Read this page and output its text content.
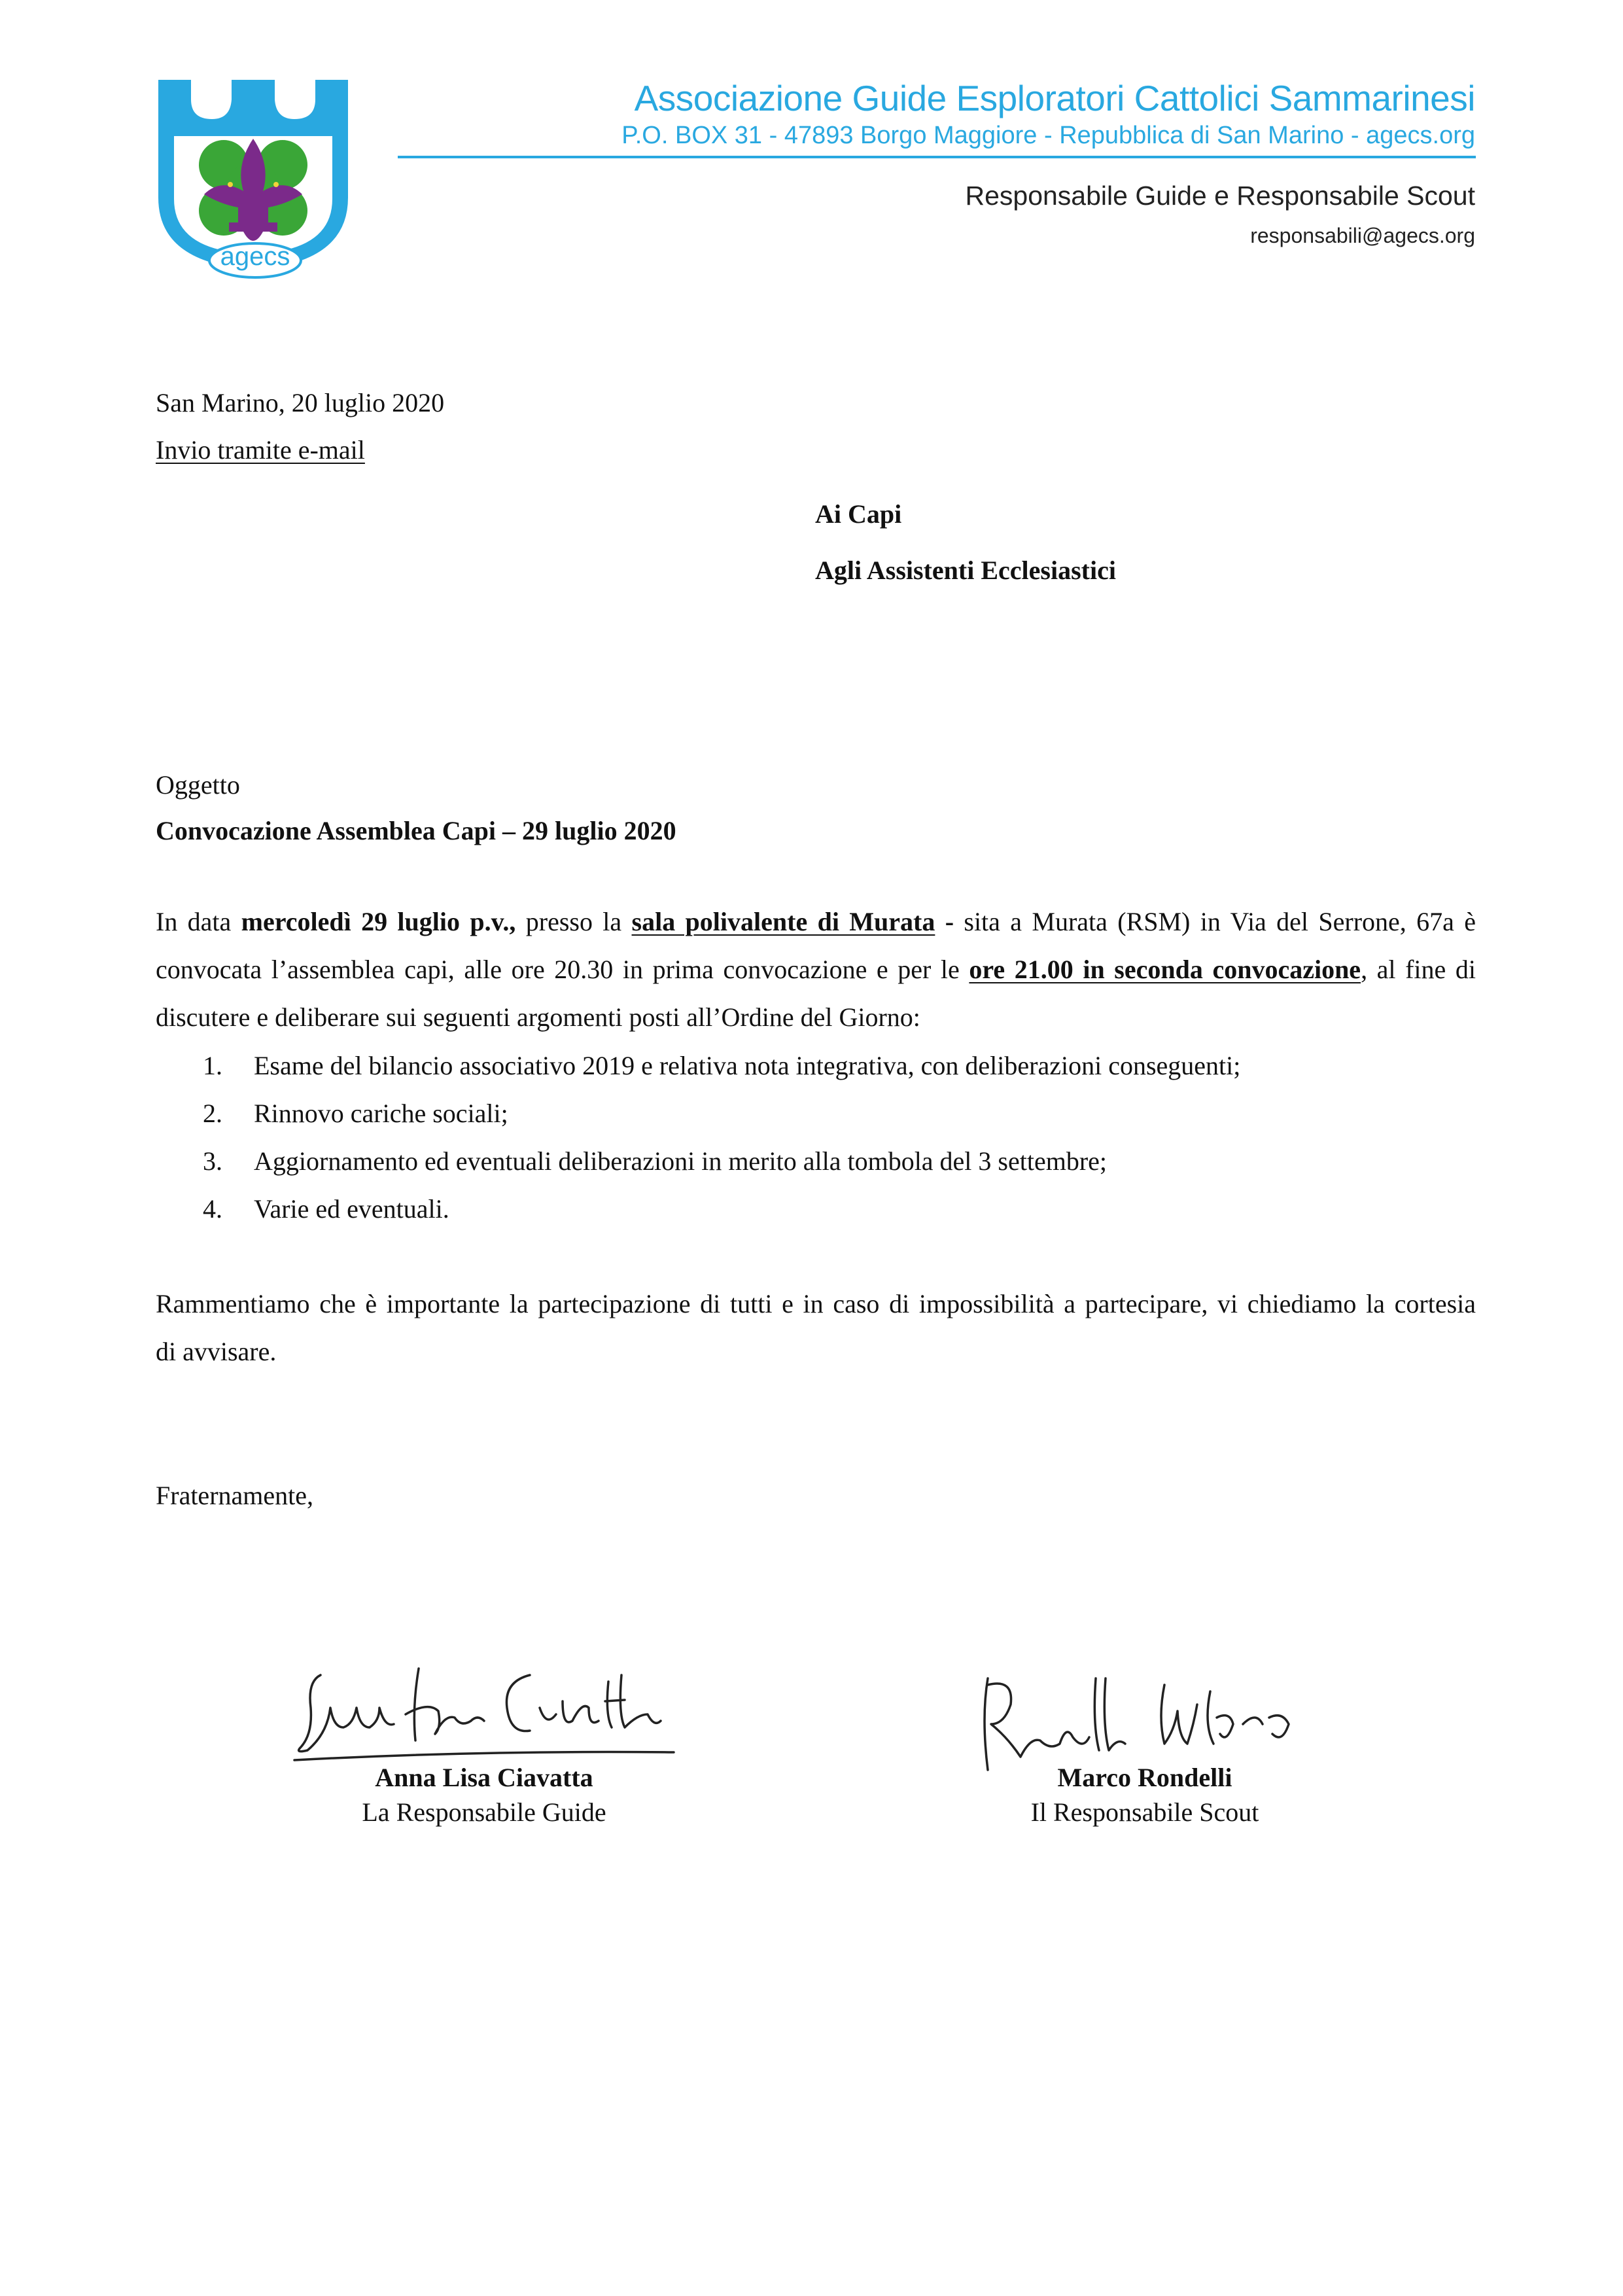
agecs
Associazione Guide Esploratori Cattolici Sammarinesi
P.O. BOX 31 - 47893 Borgo Maggiore - Repubblica di San Marino - agecs.org
Responsabile Guide e Responsabile Scout
responsabili@agecs.org
San Marino, 20 luglio 2020
Invio tramite e-mail
Ai Capi
Agli Assistenti Ecclesiastici
Oggetto
Convocazione Assemblea Capi – 29 luglio 2020
In data mercoledì 29 luglio p.v., presso la sala polivalente di Murata - sita a Murata (RSM) in Via del Serrone, 67a è
convocata l’assemblea capi, alle ore 20.30 in prima convocazione e per le ore 21.00 in seconda convocazione, al fine di
discutere e deliberare sui seguenti argomenti posti all’Ordine del Giorno:
1. Esame del bilancio associativo 2019 e relativa nota integrativa, con deliberazioni conseguenti;
2. Rinnovo cariche sociali;
3. Aggiornamento ed eventuali deliberazioni in merito alla tombola del 3 settembre;
4. Varie ed eventuali.
Rammentiamo che è importante la partecipazione di tutti e in caso di impossibilità a partecipare, vi chiediamo la cortesia
di avvisare.
Fraternamente,
Anna Lisa Ciavatta
La Responsabile Guide
Marco Rondelli
Il Responsabile Scout
